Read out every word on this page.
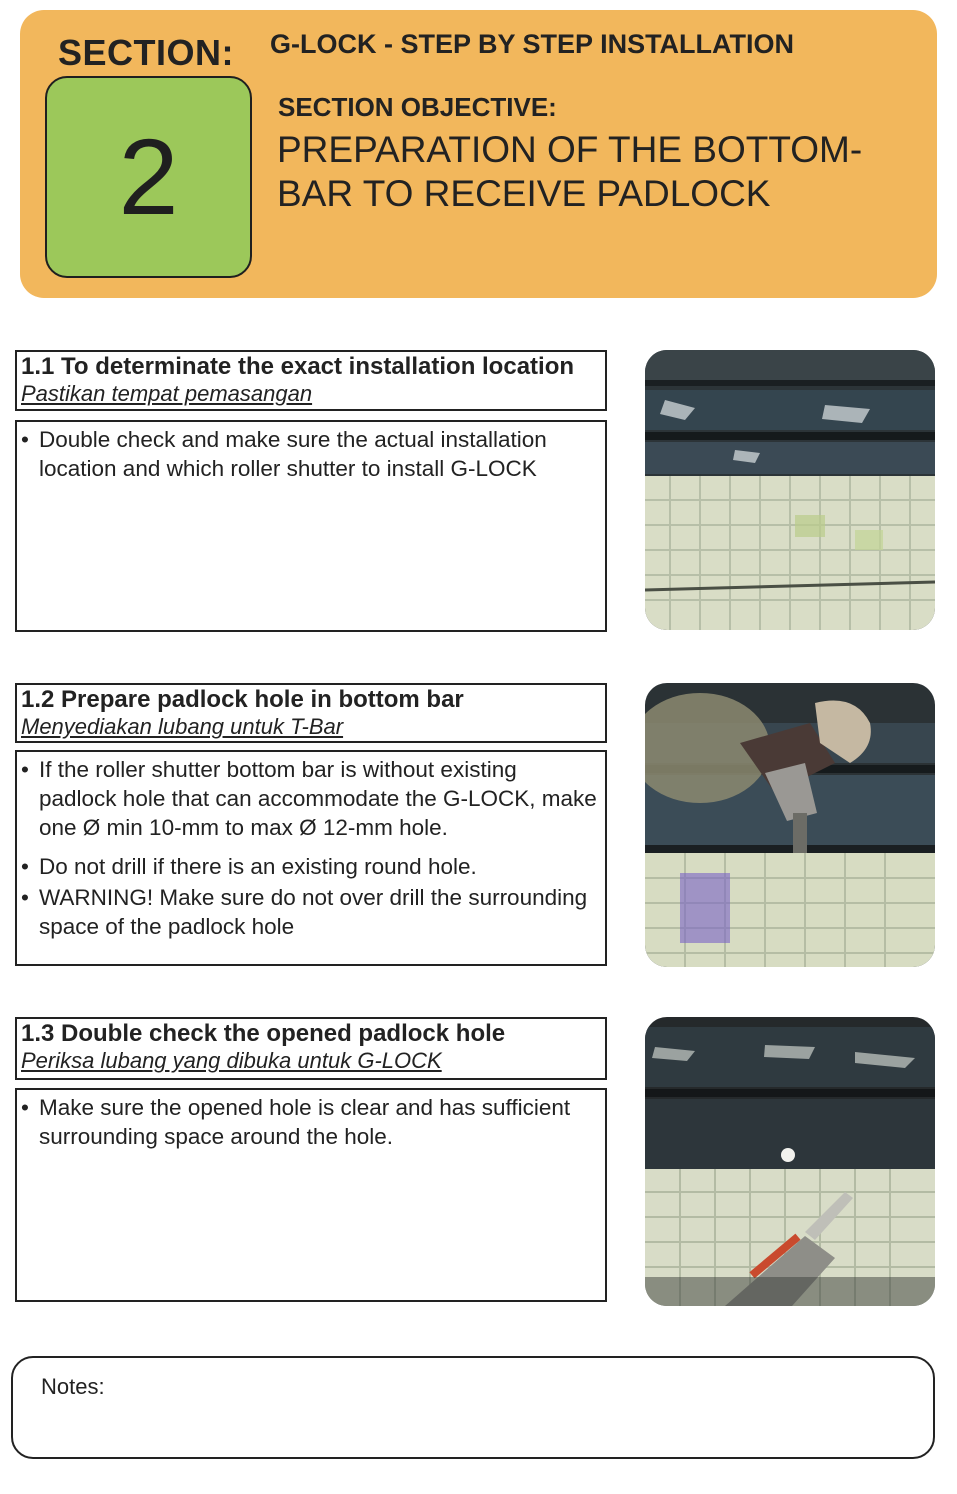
SECTION: G-LOCK - STEP BY STEP INSTALLATION
2
SECTION OBJECTIVE:
PREPARATION OF THE BOTTOM-
BAR TO RECEIVE PADLOCK
1.1 To determinate the exact installation location
Pastikan tempat pemasangan
• Double check and make sure the actual installation location and which roller shutter to install G-LOCK
1.2 Prepare padlock hole in bottom bar
Menyediakan lubang untuk T-Bar
• If the roller shutter bottom bar is without existing padlock hole that can accommodate the G-LOCK, make one Ø min 10-mm to max Ø 12-mm hole.
• Do not drill if there is an existing round hole.
• WARNING! Make sure do not over drill the surrounding space of the padlock hole
1.3 Double check the opened padlock hole
Periksa lubang yang dibuka untuk G-LOCK
• Make sure the opened hole is clear and has sufficient surrounding space around the hole.
Notes:
